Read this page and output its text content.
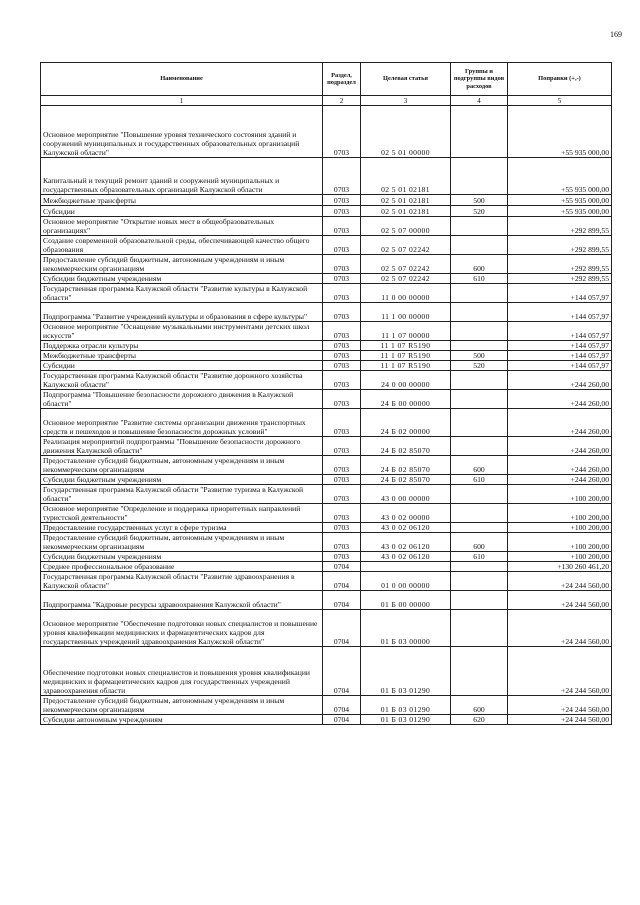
169
Наименование	Раздел, подраздел	Целевая статья	Группы и подгруппы видов расходов	Поправки (+,-)
1	2	3	4	5
Основное мероприятие "Повышение уровня технического состояния зданий и сооружений муниципальных и государственных образовательных организаций Калужской области"	0703	02 5 01 00000		+55 935 000,00
Капитальный и текущий ремонт зданий и сооружений муниципальных и государственных образовательных организаций Калужской области	0703	02 5 01 02181		+55 935 000,00
Межбюджетные трансферты	0703	02 5 01 02181	500	+55 935 000,00
Субсидии	0703	02 5 01 02181	520	+55 935 000,00
Основное мероприятие "Открытие новых мест в общеобразовательных организациях"	0703	02 5 07 00000		+292 899,55
Создание современной образовательной среды, обеспечивающей качество общего образования	0703	02 5 07 02242		+292 899,55
Предоставление субсидий бюджетным, автономным учреждениям и иным некоммерческим организациям	0703	02 5 07 02242	600	+292 899,55
Субсидии бюджетным учреждениям	0703	02 5 07 02242	610	+292 899,55
Государственная программа Калужской области "Развитие культуры в Калужской области"	0703	11 0 00 00000		+144 057,97
Подпрограмма "Развитие учреждений культуры и образования в сфере культуры"	0703	11 1 00 00000		+144 057,97
Основное мероприятие "Оснащение музыкальными инструментами детских школ искусств"	0703	11 1 07 00000		+144 057,97
Поддержка отрасли культуры	0703	11 1 07 R5190		+144 057,97
Межбюджетные трансферты	0703	11 1 07 R5190	500	+144 057,97
Субсидии	0703	11 1 07 R5190	520	+144 057,97
Государственная программа Калужской области "Развитие дорожного хозяйства Калужской области"	0703	24 0 00 00000		+244 260,00
Подпрограмма "Повышение безопасности дорожного движения в Калужской области"	0703	24 Б 00 00000		+244 260,00
Основное мероприятие "Развитие системы организации движения транспортных средств и пешеходов и повышение безопасности дорожных условий"	0703	24 Б 02 00000		+244 260,00
Реализация мероприятий подпрограммы "Повышение безопасности дорожного движения Калужской области"	0703	24 Б 02 85070		+244 260,00
Предоставление субсидий бюджетным, автономным учреждениям и иным некоммерческим организациям	0703	24 Б 02 85070	600	+244 260,00
Субсидии бюджетным учреждениям	0703	24 Б 02 85070	610	+244 260,00
Государственная программа Калужской области "Развитие туризма в Калужской области"	0703	43 0 00 00000		+100 200,00
Основное мероприятие "Определение и поддержка приоритетных направлений туристской деятельности"	0703	43 0 02 00000		+100 200,00
Предоставление государственных услуг в сфере туризма	0703	43 0 02 06120		+100 200,00
Предоставление субсидий бюджетным, автономным учреждениям и иным некоммерческим организациям	0703	43 0 02 06120	600	+100 200,00
Субсидии бюджетным учреждениям	0703	43 0 02 06120	610	+100 200,00
Среднее профессиональное образование	0704			+130 260 461,20
Государственная программа Калужской области "Развитие здравоохранения в Калужской области"	0704	01 0 00 00000		+24 244 560,00
Подпрограмма "Кадровые ресурсы здравоохранения Калужской области"	0704	01 Б 00 00000		+24 244 560,00
Основное мероприятие "Обеспечение подготовки новых специалистов и повышение уровня квалификации медицинских и фармацевтических кадров для государственных учреждений здравоохранения Калужской области"	0704	01 Б 03 00000		+24 244 560,00
Обеспечение подготовки новых специалистов и повышения уровня квалификации медицинских и фармацевтических кадров для государственных учреждений здравоохранения области	0704	01 Б 03 01290		+24 244 560,00
Предоставление субсидий бюджетным, автономным учреждениям и иным некоммерческим организациям	0704	01 Б 03 01290	600	+24 244 560,00
Субсидии автономным учреждениям	0704	01 Б 03 01290	620	+24 244 560,00
